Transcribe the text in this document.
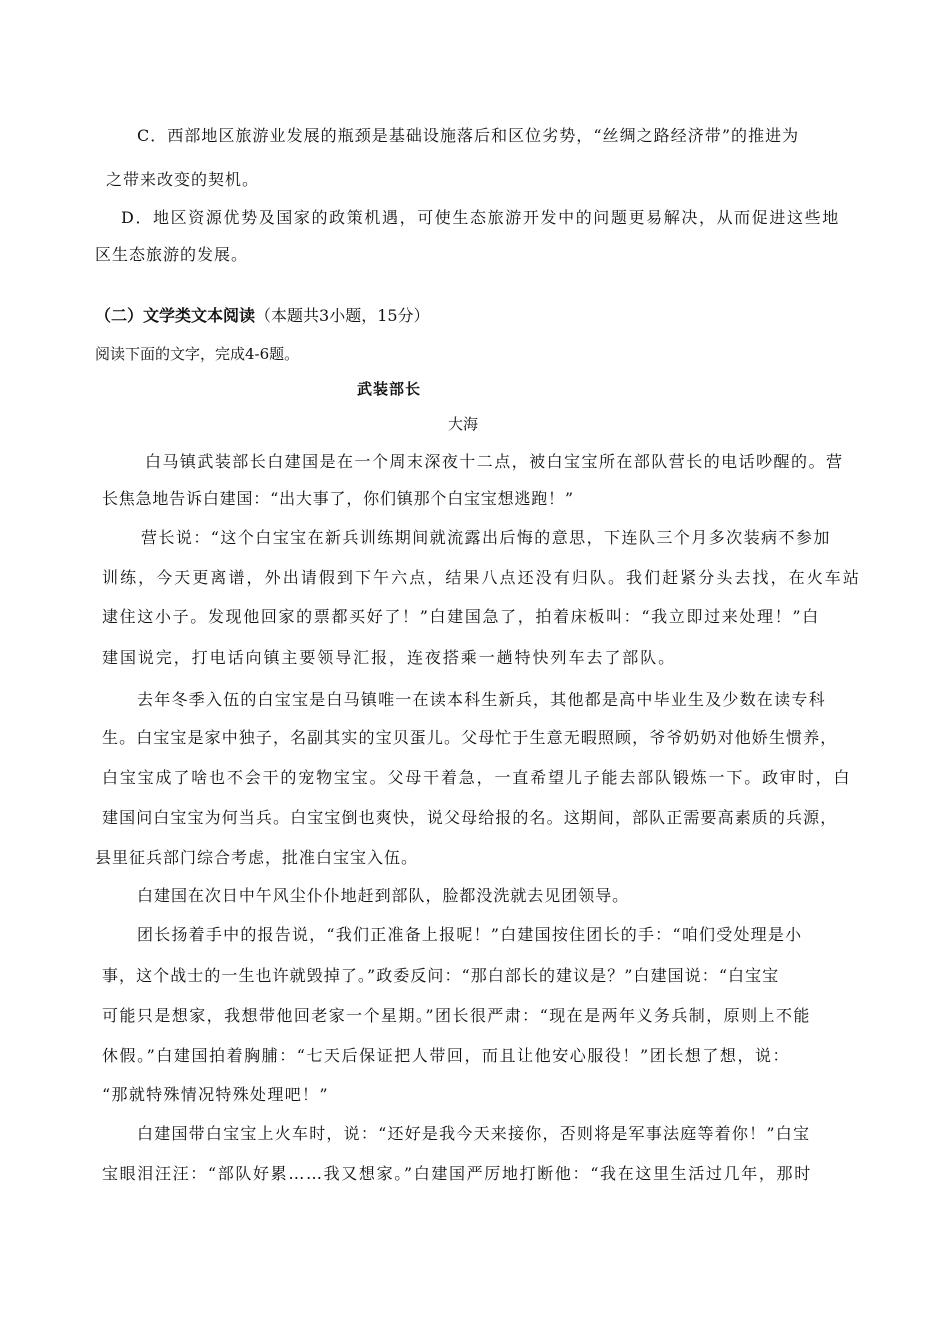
C．西部地区旅游业发展的瓶颈是基础设施落后和区位劣势，“丝绸之路经济带”的推进为
之带来改变的契机。
D．地区资源优势及国家的政策机遇，可使生态旅游开发中的问题更易解决，从而促进这些地
区生态旅游的发展。
（二）文学类文本阅读（本题共3小题，15分）
阅读下面的文字，完成4-6题。
武装部长
大海
白马镇武装部长白建国是在一个周末深夜十二点，被白宝宝所在部队营长的电话吵醒的。营
长焦急地告诉白建国：“出大事了，你们镇那个白宝宝想逃跑！”
营长说：“这个白宝宝在新兵训练期间就流露出后悔的意思，下连队三个月多次装病不参加
训练，今天更离谱，外出请假到下午六点，结果八点还没有归队。我们赶紧分头去找，在火车站
逮住这小子。发现他回家的票都买好了！”白建国急了，拍着床板叫：“我立即过来处理！”白
建国说完，打电话向镇主要领导汇报，连夜搭乘一趟特快列车去了部队。
去年冬季入伍的白宝宝是白马镇唯一在读本科生新兵，其他都是高中毕业生及少数在读专科
生。白宝宝是家中独子，名副其实的宝贝蛋儿。父母忙于生意无暇照顾，爷爷奶奶对他娇生惯养，
白宝宝成了啥也不会干的宠物宝宝。父母干着急，一直希望儿子能去部队锻炼一下。政审时，白
建国问白宝宝为何当兵。白宝宝倒也爽快，说父母给报的名。这期间，部队正需要高素质的兵源，
县里征兵部门综合考虑，批准白宝宝入伍。
白建国在次日中午风尘仆仆地赶到部队，脸都没洗就去见团领导。
团长扬着手中的报告说，“我们正准备上报呢！”白建国按住团长的手：“咱们受处理是小
事，这个战士的一生也许就毁掉了。”政委反问：“那白部长的建议是？”白建国说：“白宝宝
可能只是想家，我想带他回老家一个星期。”团长很严肃：“现在是两年义务兵制，原则上不能
休假。”白建国拍着胸脯：“七天后保证把人带回，而且让他安心服役！”团长想了想，说：
“那就特殊情况特殊处理吧！”
白建国带白宝宝上火车时，说：“还好是我今天来接你，否则将是军事法庭等着你！”白宝
宝眼泪汪汪：“部队好累……我又想家。”白建国严厉地打断他：“我在这里生活过几年，那时
